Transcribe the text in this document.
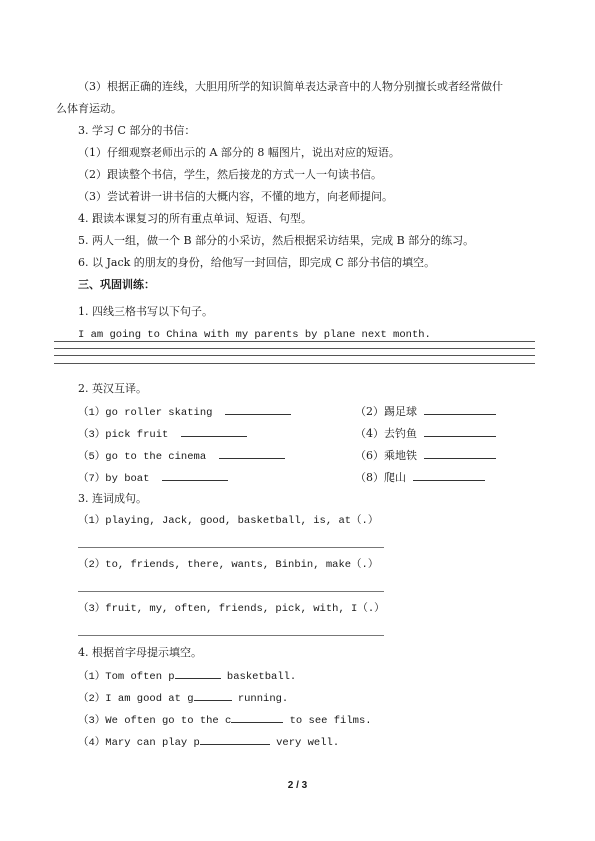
（3）根据正确的连线，大胆用所学的知识简单表达录音中的人物分别擅长或者经常做什
么体育运动。
3. 学习 C 部分的书信：
（1）仔细观察老师出示的 A 部分的 8 幅图片，说出对应的短语。
（2）跟读整个书信，学生，然后接龙的方式一人一句读书信。
（3）尝试着讲一讲书信的大概内容，不懂的地方，向老师提问。
4. 跟读本课复习的所有重点单词、短语、句型。
5. 两人一组，做一个 B 部分的小采访，然后根据采访结果，完成 B 部分的练习。
6. 以 Jack 的朋友的身份，给他写一封回信，即完成 C 部分书信的填空。
三、巩固训练：
1. 四线三格书写以下句子。
I am going to China with my parents by plane next month.
2. 英汉互译。
（1）go roller skating	（2）踢足球
（3）pick fruit	（4）去钓鱼
（5）go to the cinema	（6）乘地铁
（7）by boat	（8）爬山
3. 连词成句。
（1）playing, Jack, good, basketball, is, at（.）
（2）to, friends, there, wants, Binbin, make（.）
（3）fruit, my, often, friends, pick, with, I（.）
4. 根据首字母提示填空。
（1）Tom often p	basketball.
（2）I am good at g	running.
（3）We often go to the c	to see films.
（4）Mary can play p	very well.
2 / 3
